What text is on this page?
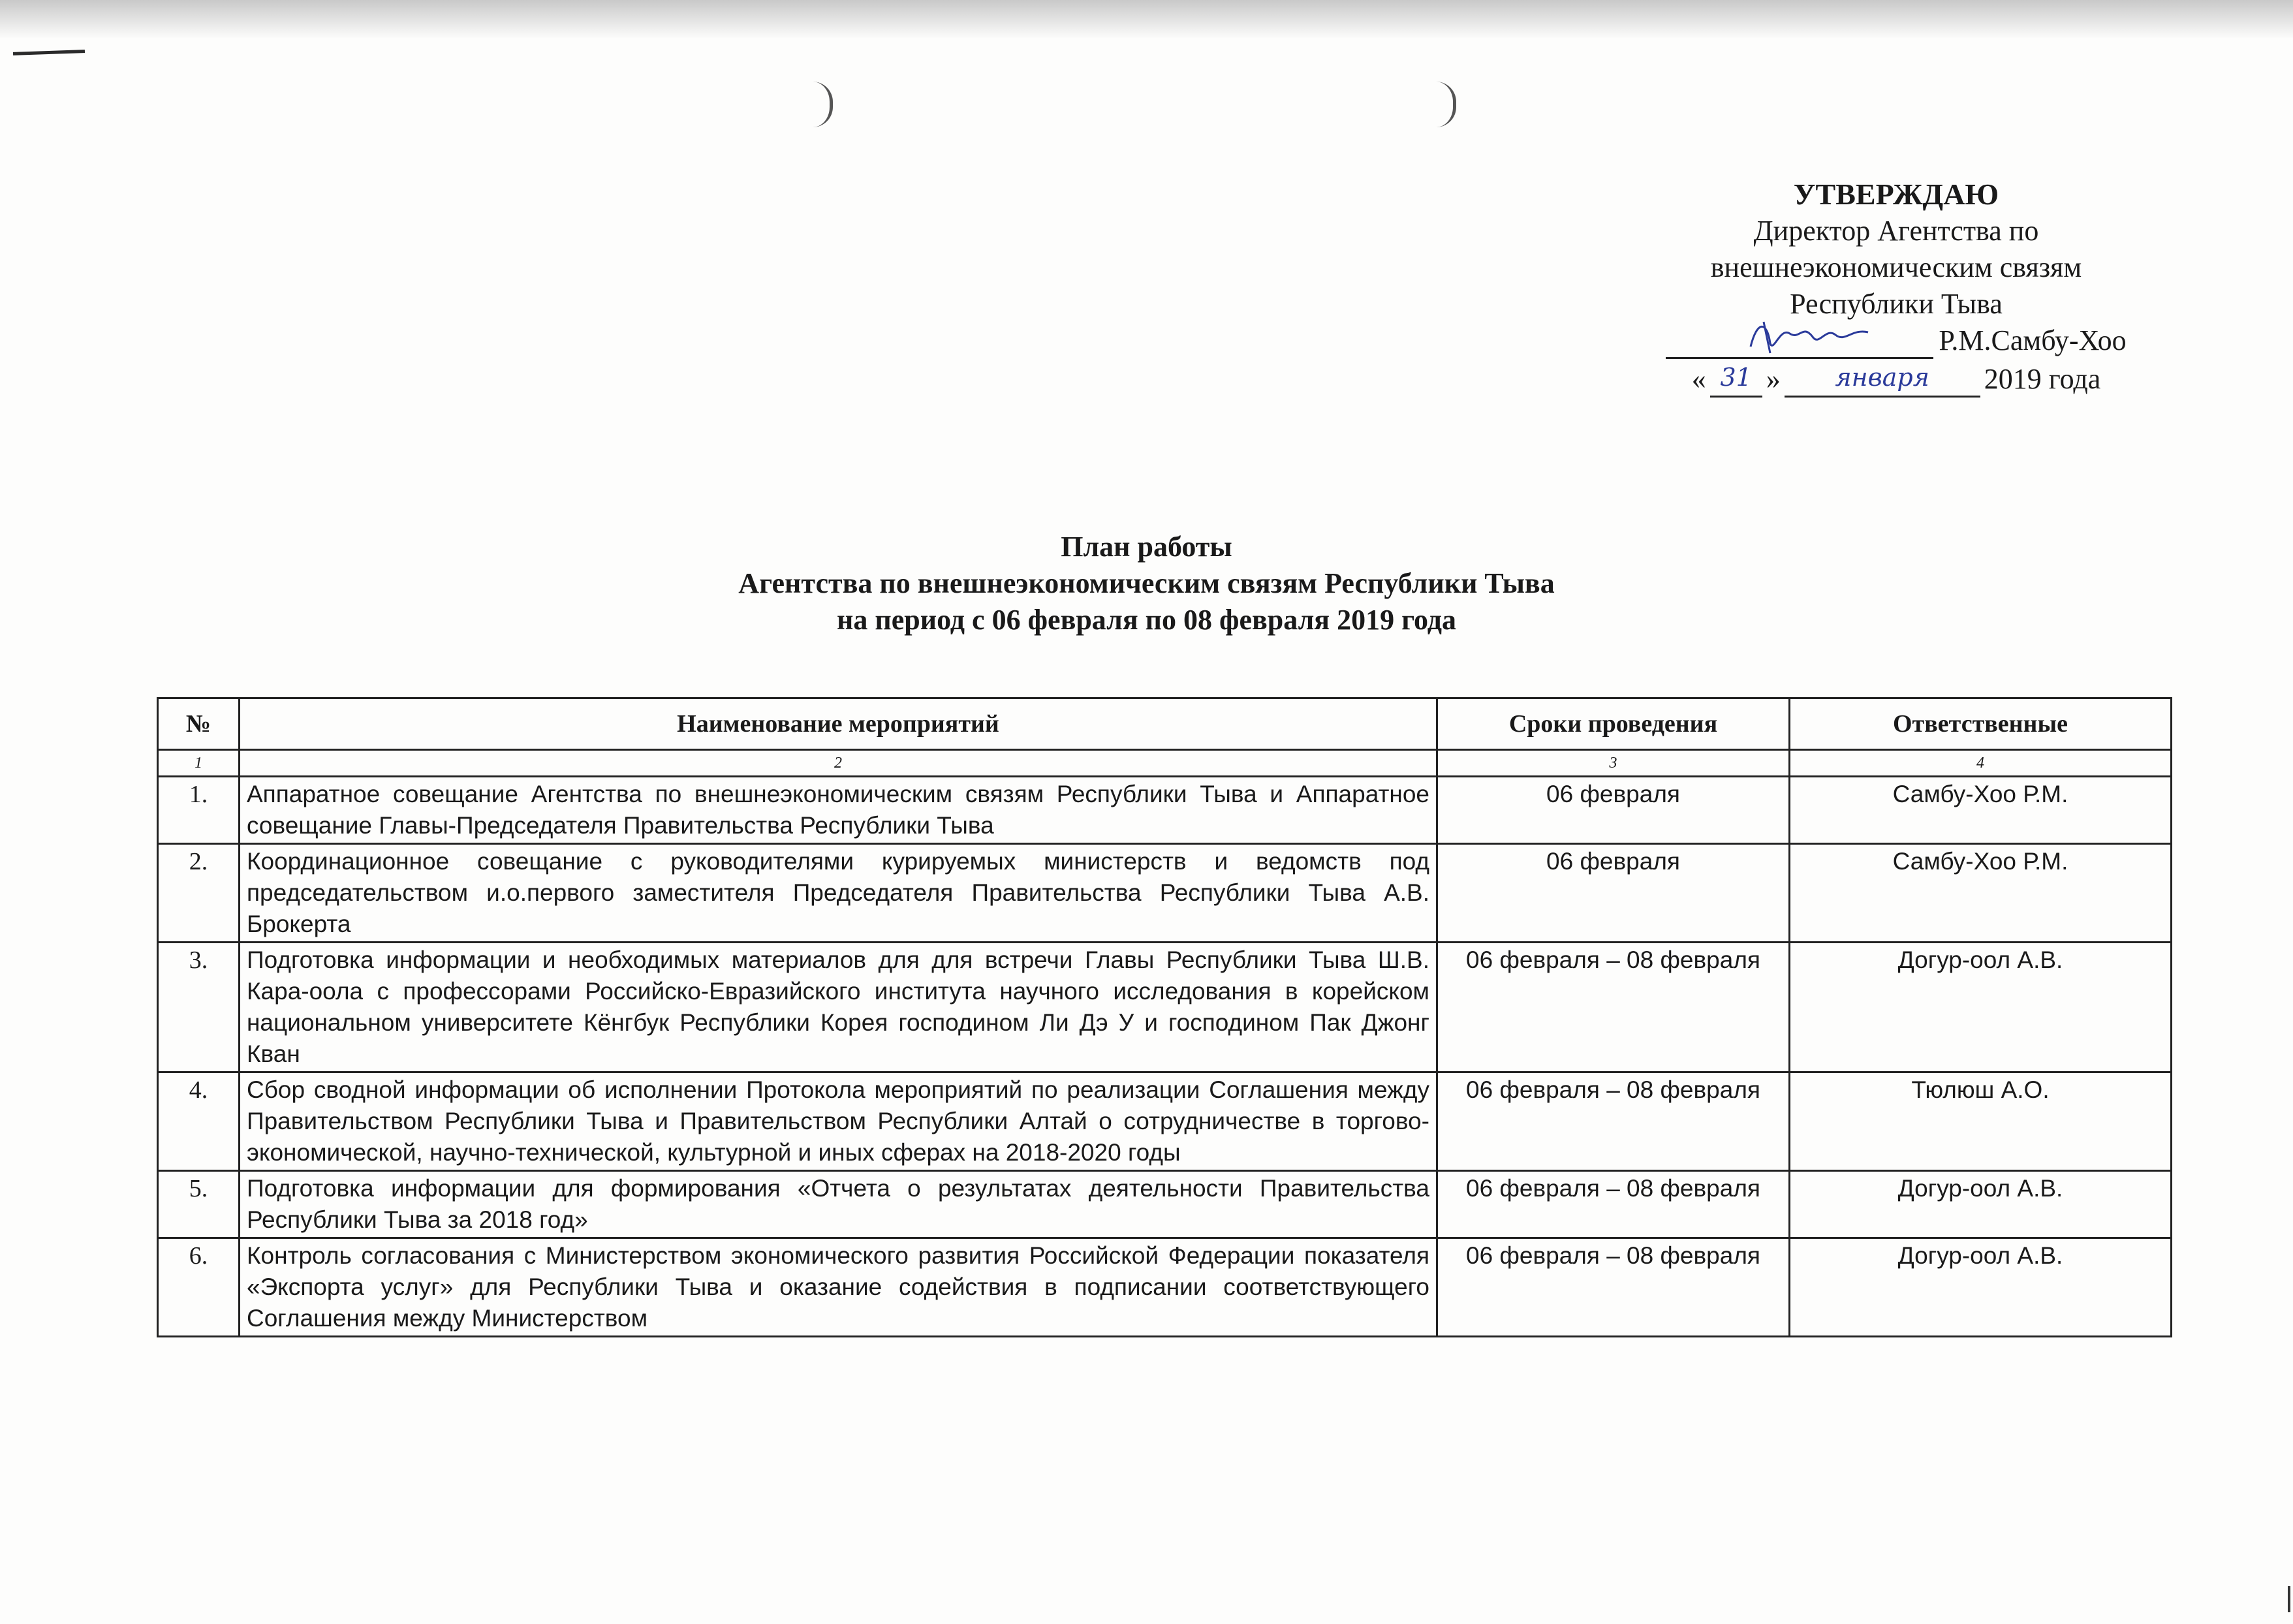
УТВЕРЖДАЮ
Директор Агентства по
внешнеэкономическим связям
Республики Тыва
Р.М.Самбу-Хоо
« 31 »	января	2019 года
План работы
Агентства по внешнеэкономическим связям Республики Тыва
на период с 06 февраля по 08 февраля 2019 года
№	Наименование мероприятий	Сроки проведения	Ответственные
1	2	3	4
1.	Аппаратное совещание Агентства по внешнеэкономическим связям Республики Тыва и Аппаратное совещание Главы-Председателя Правительства Республики Тыва	06 февраля	Самбу-Хоо Р.М.
2.	Координационное совещание с руководителями курируемых министерств и ведомств под председательством и.о.первого заместителя Председателя Правительства Республики Тыва А.В. Брокерта	06 февраля	Самбу-Хоо Р.М.
3.	Подготовка информации и необходимых материалов для для встречи Главы Республики Тыва Ш.В. Кара-оола с профессорами Российско-Евразийского института научного исследования в корейском национальном университете Кёнгбук Республики Корея господином Ли Дэ У и господином Пак Джонг Кван	06 февраля – 08 февраля	Догур-оол А.В.
4.	Сбор сводной информации об исполнении Протокола мероприятий по реализации Соглашения между Правительством Республики Тыва и Правительством Республики Алтай о сотрудничестве в торгово-экономической, научно-технической, культурной и иных сферах на 2018-2020 годы	06 февраля – 08 февраля	Тюлюш А.О.
5.	Подготовка информации для формирования «Отчета о результатах деятельности Правительства Республики Тыва за 2018 год»	06 февраля – 08 февраля	Догур-оол А.В.
6.	Контроль согласования с Министерством экономического развития Российской Федерации показателя «Экспорта услуг» для Республики Тыва и оказание содействия в подписании соответствующего Соглашения между Министерством	06 февраля – 08 февраля	Догур-оол А.В.
